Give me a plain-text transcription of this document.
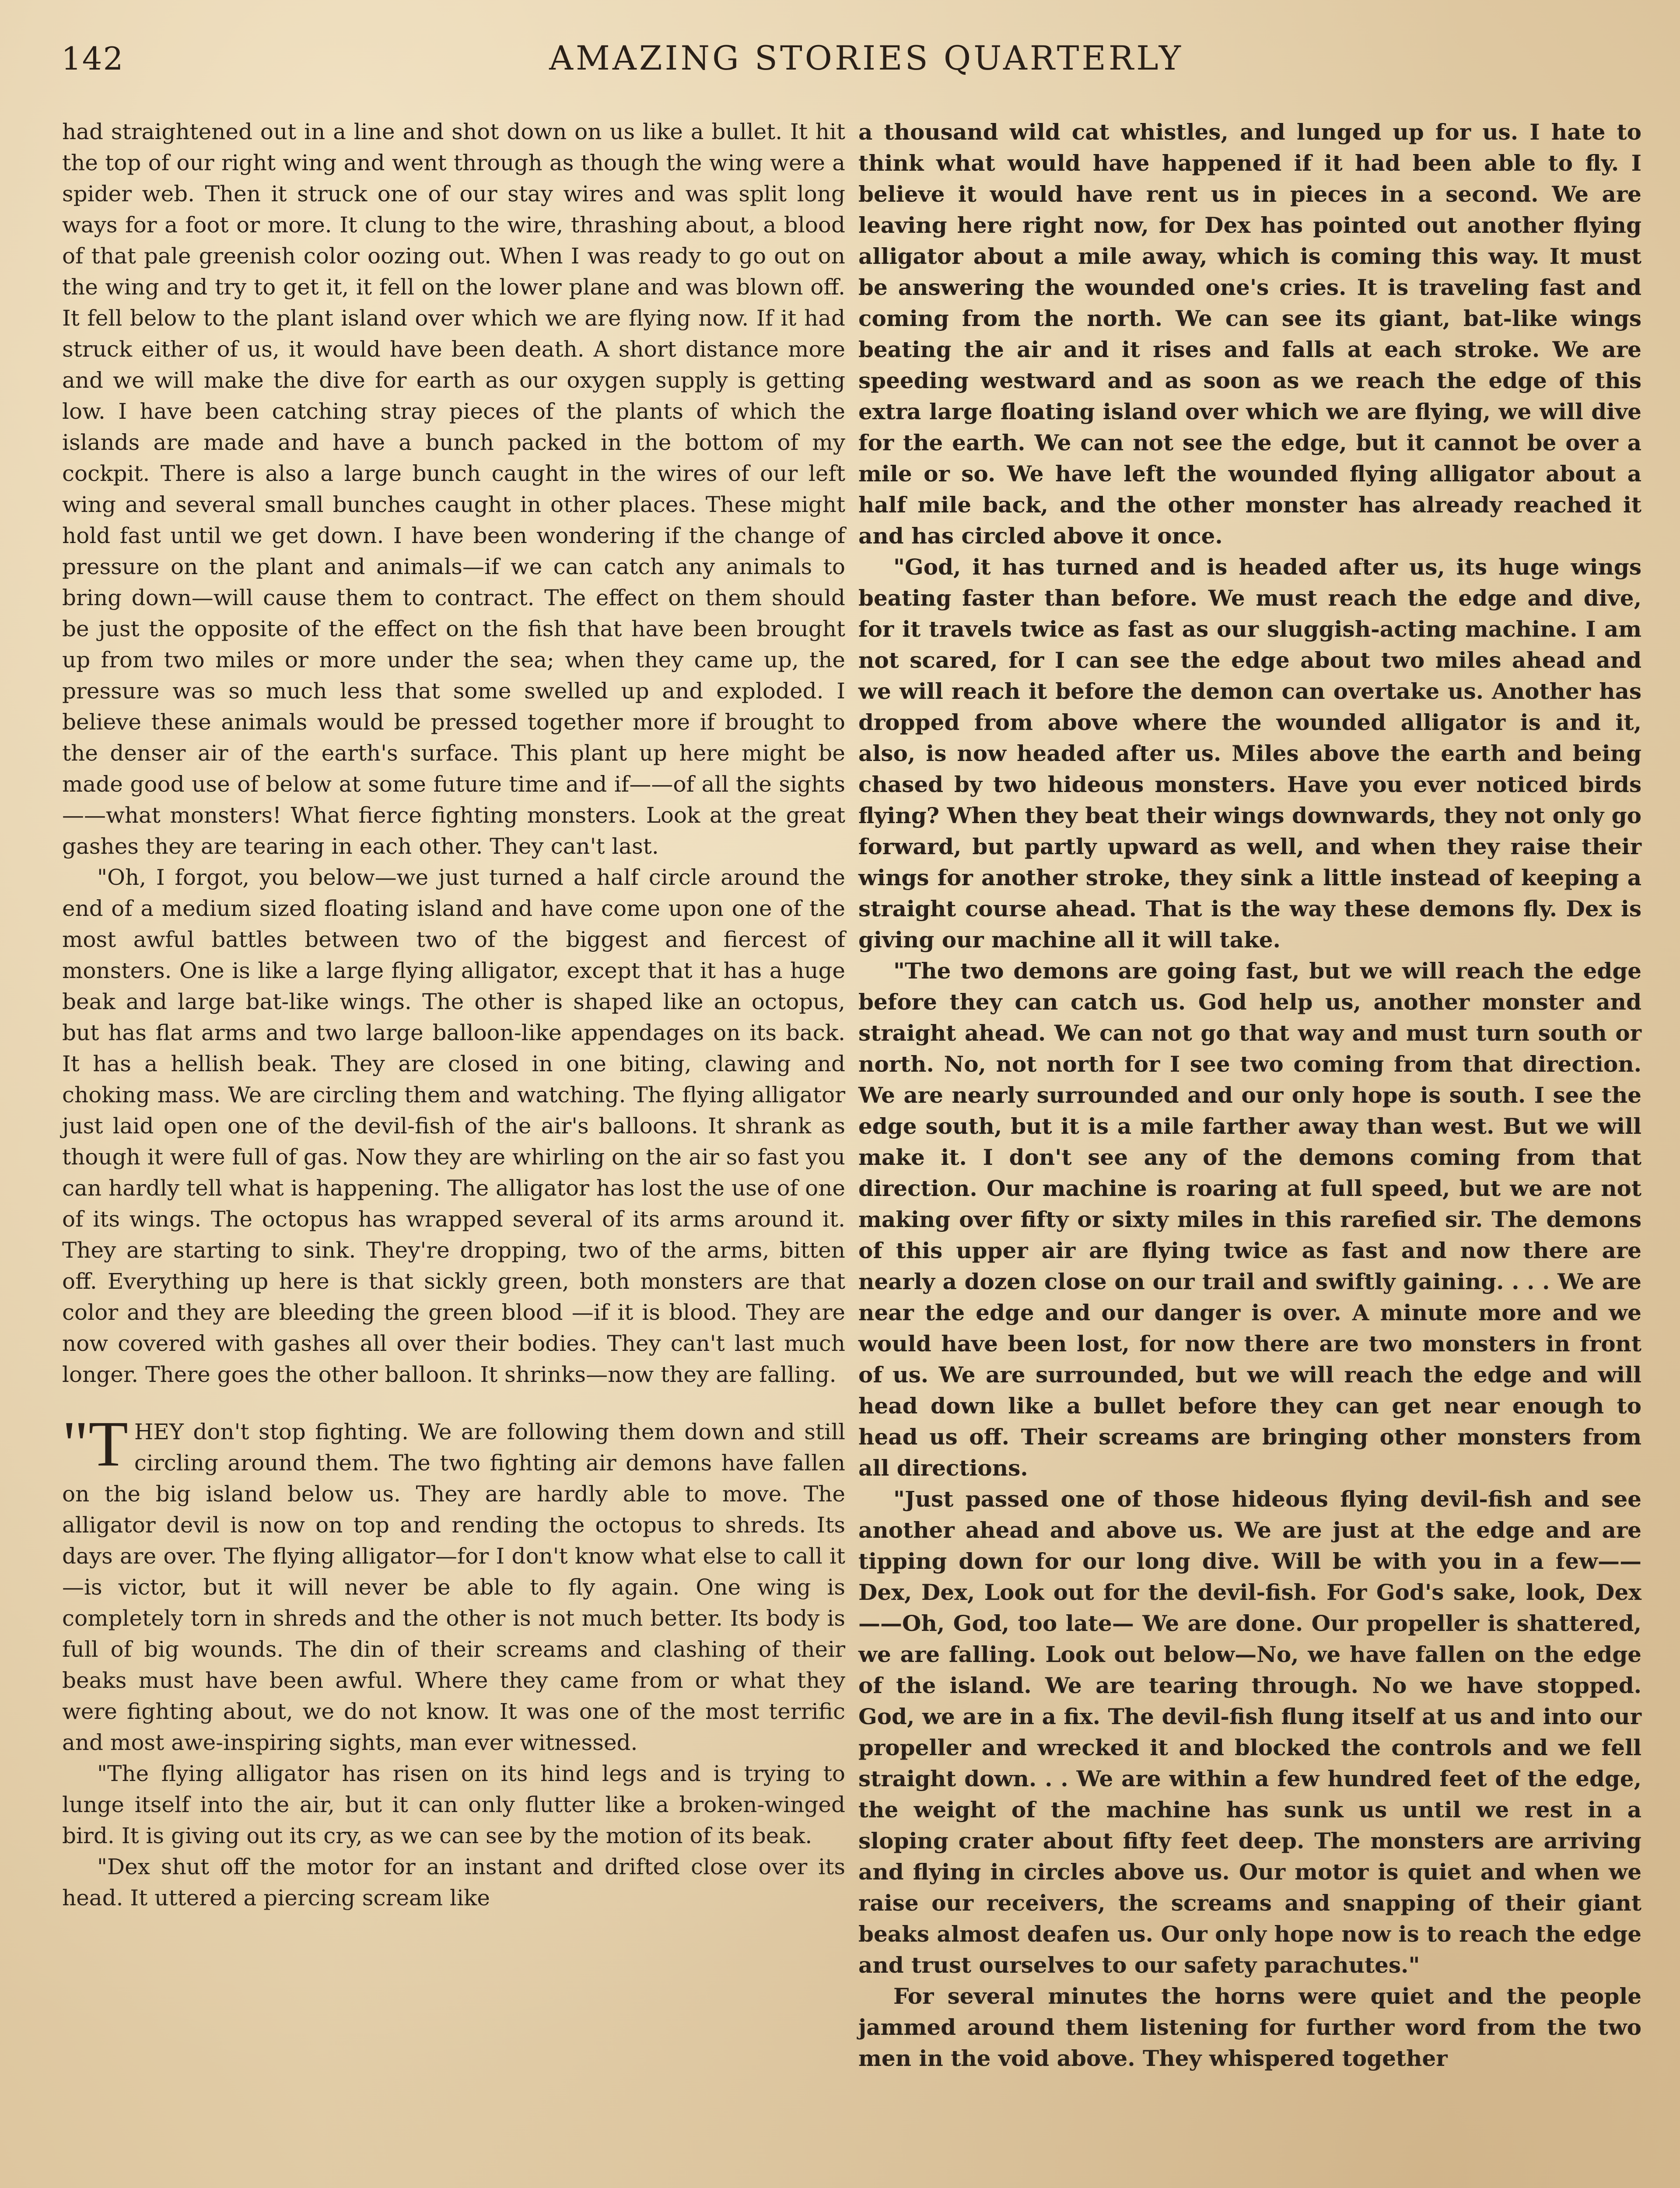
142	AMAZING STORIES QUARTERLY

had straightened out in a line and shot down on us like a bullet. It hit the top of our right wing and went through as though the wing were a spider web. Then it struck one of our stay wires and was split long ways for a foot or more. It clung to the wire, thrashing about, a blood of that pale greenish color oozing out. When I was ready to go out on the wing and try to get it, it fell on the lower plane and was blown off. It fell below to the plant island over which we are flying now. If it had struck either of us, it would have been death. A short distance more and we will make the dive for earth as our oxygen supply is getting low. I have been catching stray pieces of the plants of which the islands are made and have a bunch packed in the bottom of my cockpit. There is also a large bunch caught in the wires of our left wing and several small bunches caught in other places. These might hold fast until we get down. I have been wondering if the change of pressure on the plant and animals—if we can catch any animals to bring down—will cause them to contract. The effect on them should be just the opposite of the effect on the fish that have been brought up from two miles or more under the sea; when they came up, the pressure was so much less that some swelled up and exploded. I believe these animals would be pressed together more if brought to the denser air of the earth's surface. This plant up here might be made good use of below at some future time and if——of all the sights——what monsters! What fierce fighting monsters. Look at the great gashes they are tearing in each other. They can't last.

"Oh, I forgot, you below—we just turned a half circle around the end of a medium sized floating island and have come upon one of the most awful battles between two of the biggest and fiercest of monsters. One is like a large flying alligator, except that it has a huge beak and large bat-like wings. The other is shaped like an octopus, but has flat arms and two large balloon-like appendages on its back. It has a hellish beak. They are closed in one biting, clawing and choking mass. We are circling them and watching. The flying alligator just laid open one of the devil-fish of the air's balloons. It shrank as though it were full of gas. Now they are whirling on the air so fast you can hardly tell what is happening. The alligator has lost the use of one of its wings. The octopus has wrapped several of its arms around it. They are starting to sink. They're dropping, two of the arms, bitten off. Everything up here is that sickly green, both monsters are that color and they are bleeding the green blood —if it is blood. They are now covered with gashes all over their bodies. They can't last much longer. There goes the other balloon. It shrinks—now they are falling.

"THEY don't stop fighting. We are following them down and still circling around them. The two fighting air demons have fallen on the big island below us. They are hardly able to move. The alligator devil is now on top and rending the octopus to shreds. Its days are over. The flying alligator—for I don't know what else to call it—is victor, but it will never be able to fly again. One wing is completely torn in shreds and the other is not much better. Its body is full of big wounds. The din of their screams and clashing of their beaks must have been awful. Where they came from or what they were fighting about, we do not know. It was one of the most terrific and most awe-inspiring sights, man ever witnessed.

"The flying alligator has risen on its hind legs and is trying to lunge itself into the air, but it can only flutter like a broken-winged bird. It is giving out its cry, as we can see by the motion of its beak.

"Dex shut off the motor for an instant and drifted close over its head. It uttered a piercing scream like

a thousand wild cat whistles, and lunged up for us. I hate to think what would have happened if it had been able to fly. I believe it would have rent us in pieces in a second. We are leaving here right now, for Dex has pointed out another flying alligator about a mile away, which is coming this way. It must be answering the wounded one's cries. It is traveling fast and coming from the north. We can see its giant, bat-like wings beating the air and it rises and falls at each stroke. We are speeding westward and as soon as we reach the edge of this extra large floating island over which we are flying, we will dive for the earth. We can not see the edge, but it cannot be over a mile or so. We have left the wounded flying alligator about a half mile back, and the other monster has already reached it and has circled above it once.

"God, it has turned and is headed after us, its huge wings beating faster than before. We must reach the edge and dive, for it travels twice as fast as our sluggish-acting machine. I am not scared, for I can see the edge about two miles ahead and we will reach it before the demon can overtake us. Another has dropped from above where the wounded alligator is and it, also, is now headed after us. Miles above the earth and being chased by two hideous monsters. Have you ever noticed birds flying? When they beat their wings downwards, they not only go forward, but partly upward as well, and when they raise their wings for another stroke, they sink a little instead of keeping a straight course ahead. That is the way these demons fly. Dex is giving our machine all it will take.

"The two demons are going fast, but we will reach the edge before they can catch us. God help us, another monster and straight ahead. We can not go that way and must turn south or north. No, not north for I see two coming from that direction. We are nearly surrounded and our only hope is south. I see the edge south, but it is a mile farther away than west. But we will make it. I don't see any of the demons coming from that direction. Our machine is roaring at full speed, but we are not making over fifty or sixty miles in this rarefied sir. The demons of this upper air are flying twice as fast and now there are nearly a dozen close on our trail and swiftly gaining. . . . We are near the edge and our danger is over. A minute more and we would have been lost, for now there are two monsters in front of us. We are surrounded, but we will reach the edge and will head down like a bullet before they can get near enough to head us off. Their screams are bringing other monsters from all directions.

"Just passed one of those hideous flying devil-fish and see another ahead and above us. We are just at the edge and are tipping down for our long dive. Will be with you in a few——Dex, Dex, Look out for the devil-fish. For God's sake, look, Dex——Oh, God, too late— We are done. Our propeller is shattered, we are falling. Look out below—No, we have fallen on the edge of the island. We are tearing through. No we have stopped. God, we are in a fix. The devil-fish flung itself at us and into our propeller and wrecked it and blocked the controls and we fell straight down. . . We are within a few hundred feet of the edge, the weight of the machine has sunk us until we rest in a sloping crater about fifty feet deep. The monsters are arriving and flying in circles above us. Our motor is quiet and when we raise our receivers, the screams and snapping of their giant beaks almost deafen us. Our only hope now is to reach the edge and trust ourselves to our safety parachutes."

For several minutes the horns were quiet and the people jammed around them listening for further word from the two men in the void above. They whispered together
